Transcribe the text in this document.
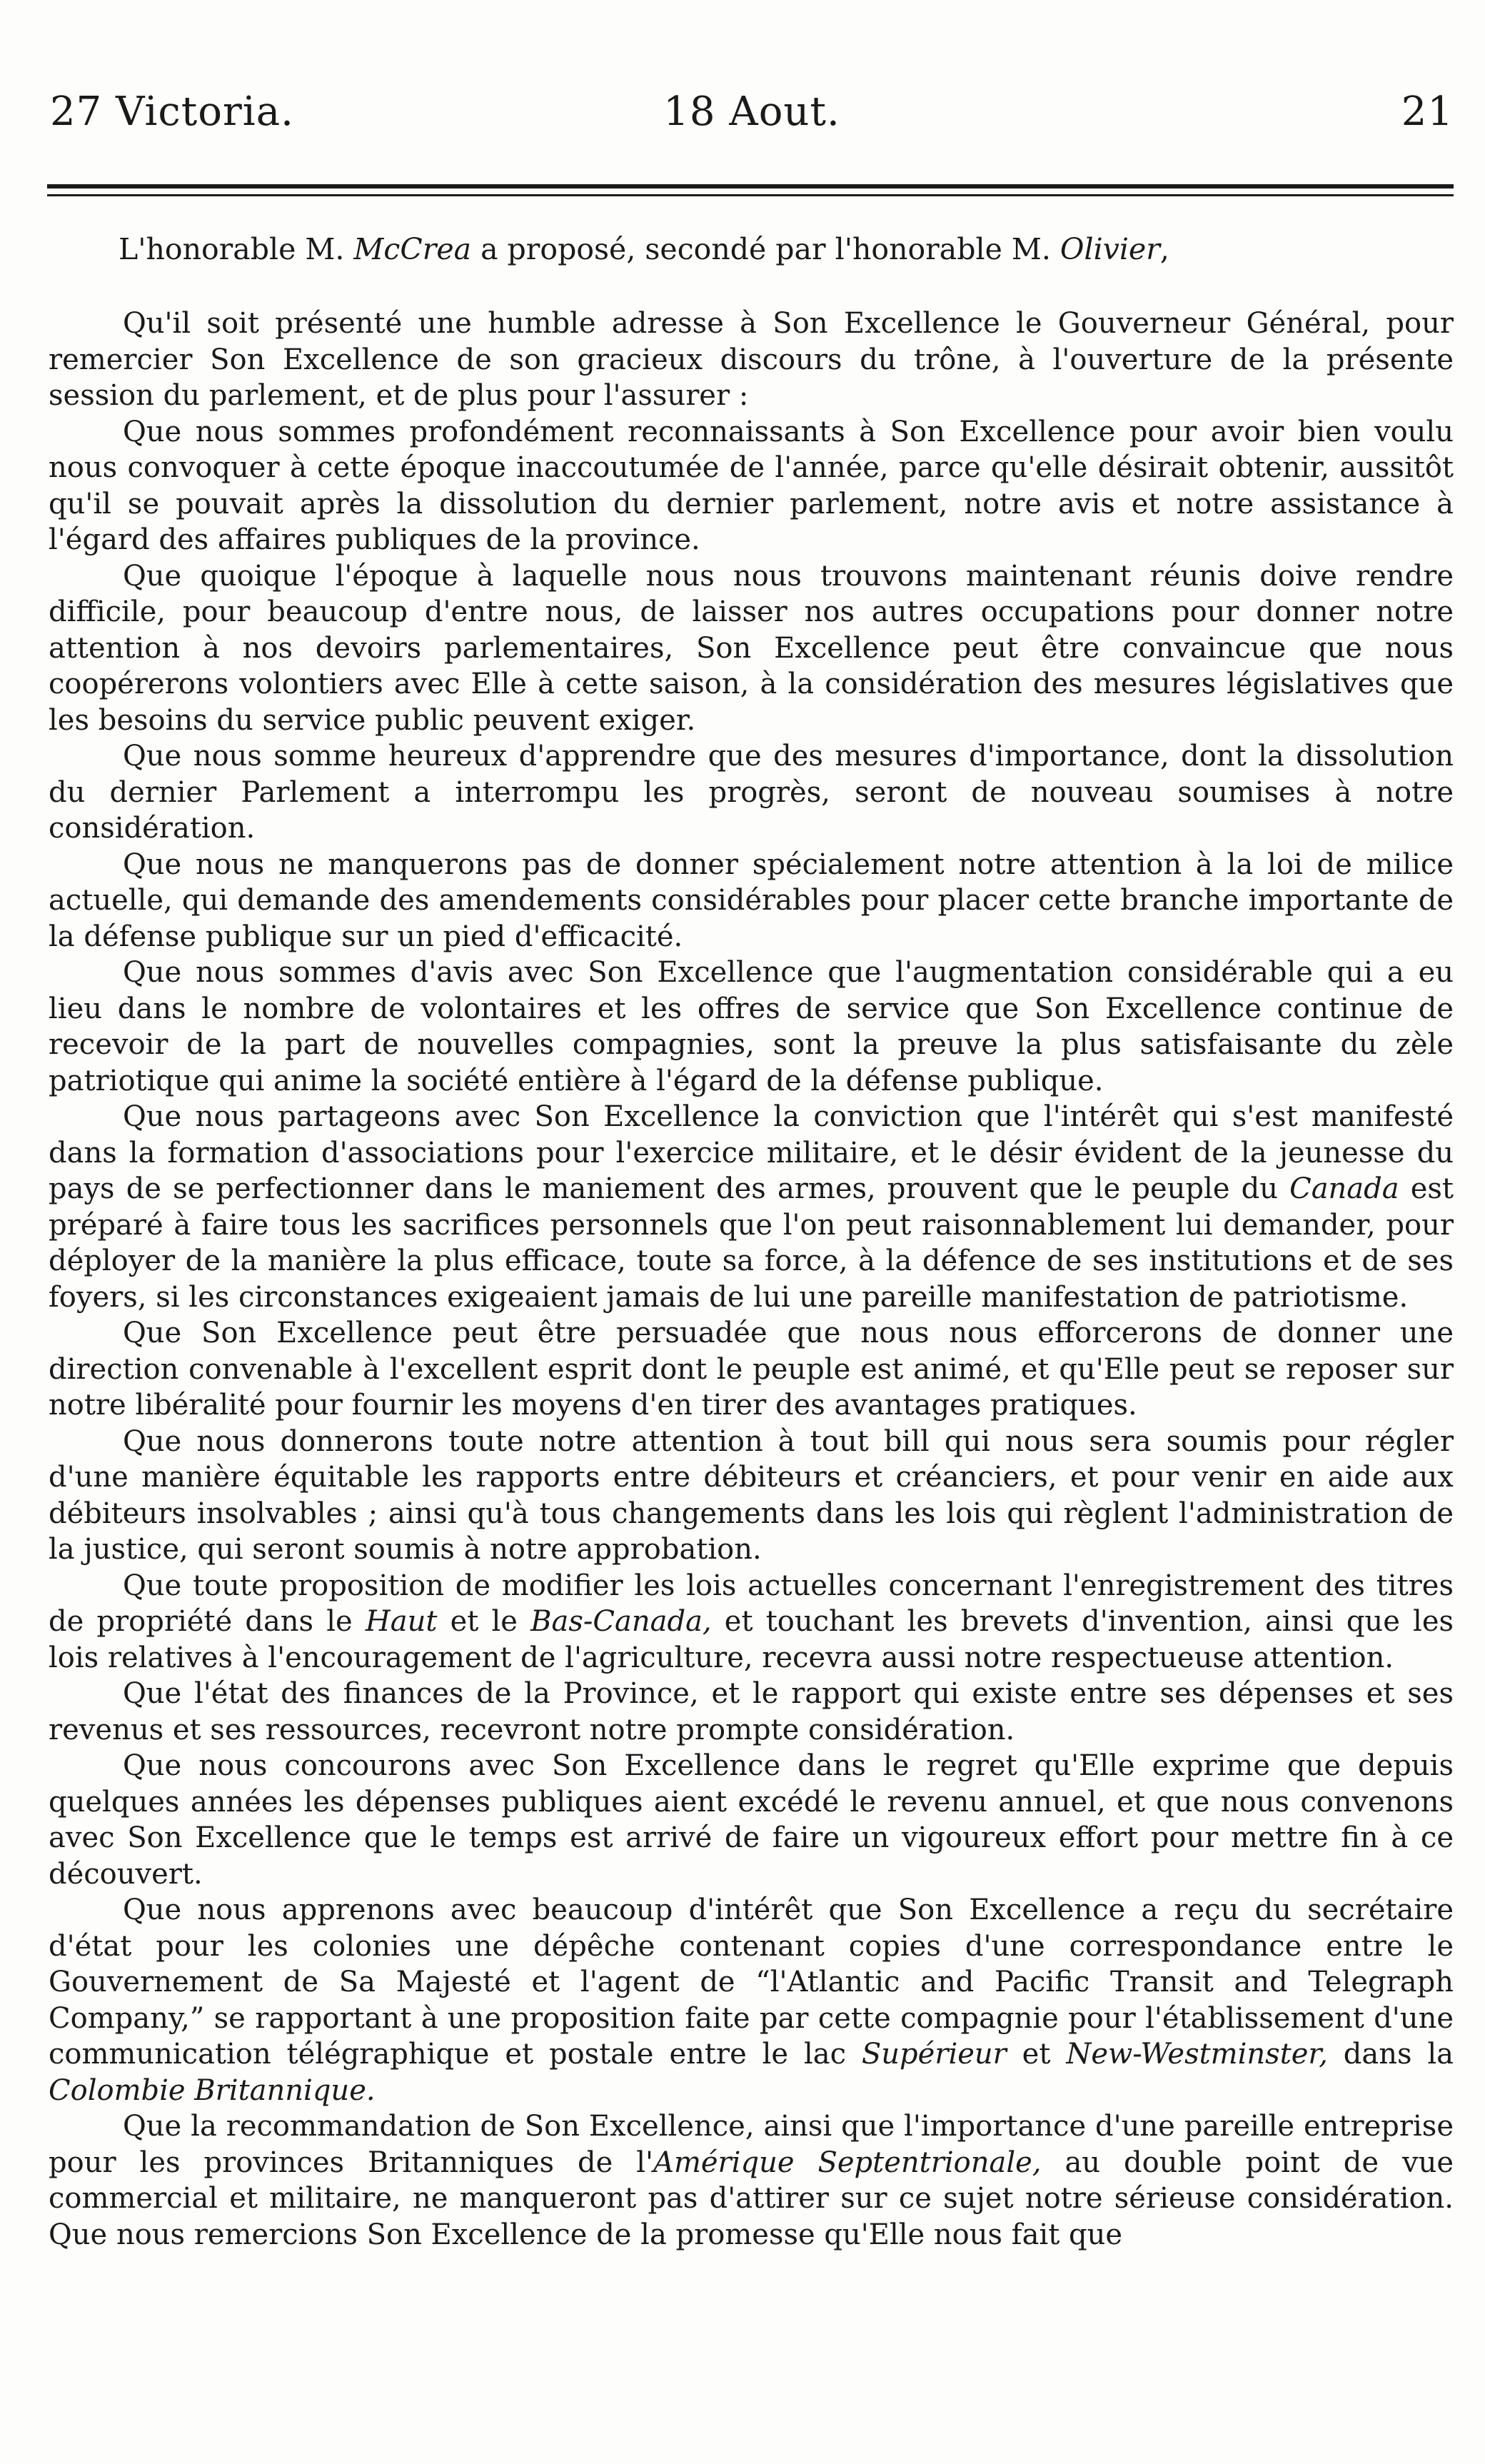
27 Victoria.	18 Aout.	21
L'honorable M. McCrea a proposé, secondé par l'honorable M. Olivier,

Qu'il soit présenté une humble adresse à Son Excellence le Gouverneur Général, pour remercier Son Excellence de son gracieux discours du trône, à l'ouverture de la présente session du parlement, et de plus pour l'assurer :

Que nous sommes profondément reconnaissants à Son Excellence pour avoir bien voulu nous convoquer à cette époque inaccoutumée de l'année, parce qu'elle désirait obtenir, aussitôt qu'il se pouvait après la dissolution du dernier parlement, notre avis et notre assistance à l'égard des affaires publiques de la province.

Que quoique l'époque à laquelle nous nous trouvons maintenant réunis doive rendre difficile, pour beaucoup d'entre nous, de laisser nos autres occupations pour donner notre attention à nos devoirs parlementaires, Son Excellence peut être convaincue que nous coopérerons volontiers avec Elle à cette saison, à la considération des mesures législatives que les besoins du service public peuvent exiger.

Que nous somme heureux d'apprendre que des mesures d'importance, dont la dissolution du dernier Parlement a interrompu les progrès, seront de nouveau soumises à notre considération.

Que nous ne manquerons pas de donner spécialement notre attention à la loi de milice actuelle, qui demande des amendements considérables pour placer cette branche importante de la défense publique sur un pied d'efficacité.

Que nous sommes d'avis avec Son Excellence que l'augmentation considérable qui a eu lieu dans le nombre de volontaires et les offres de service que Son Excellence continue de recevoir de la part de nouvelles compagnies, sont la preuve la plus satisfaisante du zèle patriotique qui anime la société entière à l'égard de la défense publique.

Que nous partageons avec Son Excellence la conviction que l'intérêt qui s'est manifesté dans la formation d'associations pour l'exercice militaire, et le désir évident de la jeunesse du pays de se perfectionner dans le maniement des armes, prouvent que le peuple du Canada est préparé à faire tous les sacrifices personnels que l'on peut raisonnablement lui demander, pour déployer de la manière la plus efficace, toute sa force, à la défence de ses institutions et de ses foyers, si les circonstances exigeaient jamais de lui une pareille manifestation de patriotisme.

Que Son Excellence peut être persuadée que nous nous efforcerons de donner une direction convenable à l'excellent esprit dont le peuple est animé, et qu'Elle peut se reposer sur notre libéralité pour fournir les moyens d'en tirer des avantages pratiques.

Que nous donnerons toute notre attention à tout bill qui nous sera soumis pour régler d'une manière équitable les rapports entre débiteurs et créanciers, et pour venir en aide aux débiteurs insolvables ; ainsi qu'à tous changements dans les lois qui règlent l'administration de la justice, qui seront soumis à notre approbation.

Que toute proposition de modifier les lois actuelles concernant l'enregistrement des titres de propriété dans le Haut et le Bas-Canada, et touchant les brevets d'invention, ainsi que les lois relatives à l'encouragement de l'agriculture, recevra aussi notre respectueuse attention.

Que l'état des finances de la Province, et le rapport qui existe entre ses dépenses et ses revenus et ses ressources, recevront notre prompte considération.

Que nous concourons avec Son Excellence dans le regret qu'Elle exprime que depuis quelques années les dépenses publiques aient excédé le revenu annuel, et que nous convenons avec Son Excellence que le temps est arrivé de faire un vigoureux effort pour mettre fin à ce découvert.

Que nous apprenons avec beaucoup d'intérêt que Son Excellence a reçu du secrétaire d'état pour les colonies une dépêche contenant copies d'une correspondance entre le Gouvernement de Sa Majesté et l'agent de “l'Atlantic and Pacific Transit and Telegraph Company,” se rapportant à une proposition faite par cette compagnie pour l'établissement d'une communication télégraphique et postale entre le lac Supérieur et New-Westminster, dans la Colombie Britannique.

Que la recommandation de Son Excellence, ainsi que l'importance d'une pareille entreprise pour les provinces Britanniques de l'Amérique Septentrionale, au double point de vue commercial et militaire, ne manqueront pas d'attirer sur ce sujet notre sérieuse considération. Que nous remercions Son Excellence de la promesse qu'Elle nous fait que
